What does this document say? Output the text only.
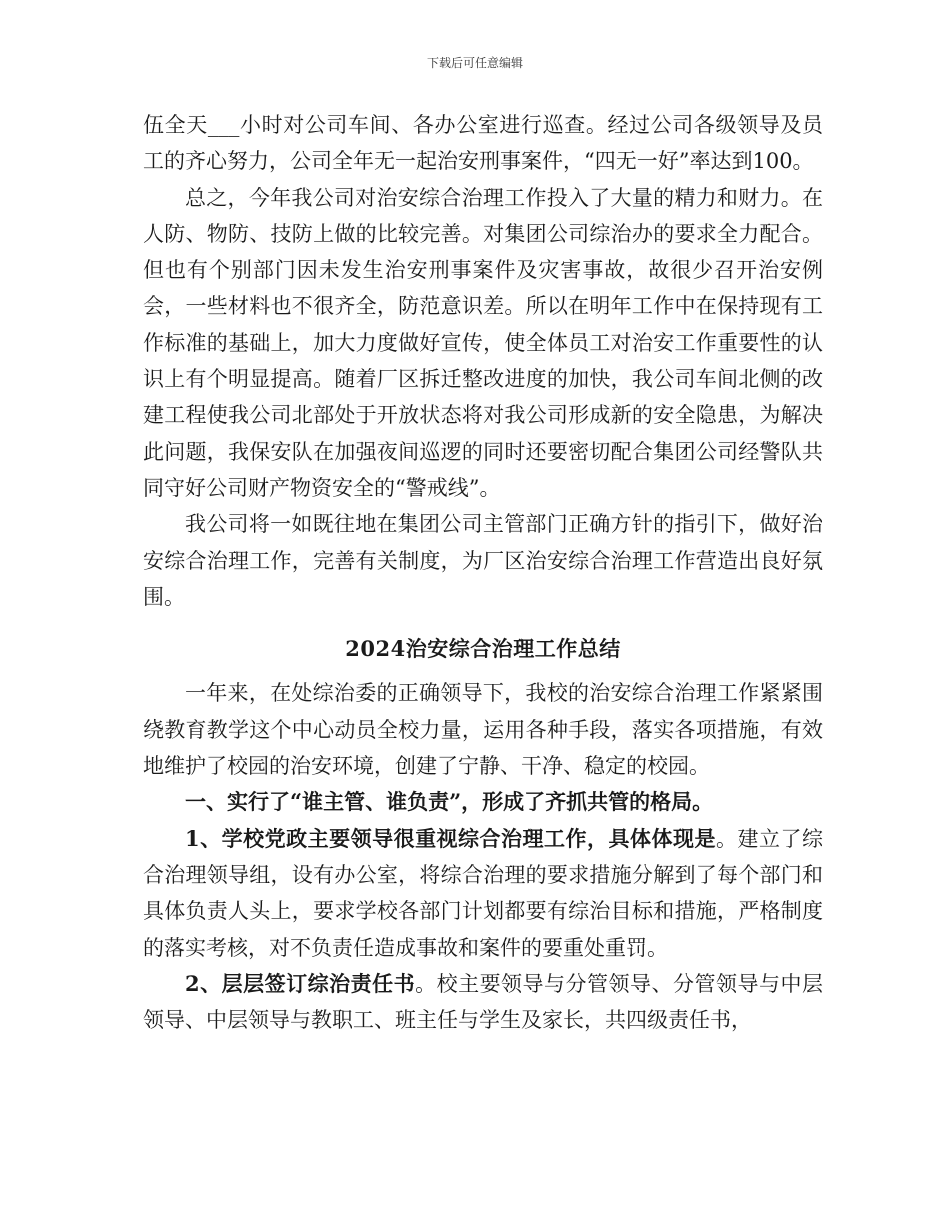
下载后可任意编辑

伍全天___小时对公司车间、各办公室进行巡查。经过公司各级领导及员工的齐心努力，公司全年无一起治安刑事案件，“四无一好”率达到100。

总之，今年我公司对治安综合治理工作投入了大量的精力和财力。在人防、物防、技防上做的比较完善。对集团公司综治办的要求全力配合。但也有个别部门因未发生治安刑事案件及灾害事故，故很少召开治安例会，一些材料也不很齐全，防范意识差。所以在明年工作中在保持现有工作标准的基础上，加大力度做好宣传，使全体员工对治安工作重要性的认识上有个明显提高。随着厂区拆迁整改进度的加快，我公司车间北侧的改建工程使我公司北部处于开放状态将对我公司形成新的安全隐患，为解决此问题，我保安队在加强夜间巡逻的同时还要密切配合集团公司经警队共同守好公司财产物资安全的“警戒线”。

我公司将一如既往地在集团公司主管部门正确方针的指引下，做好治安综合治理工作，完善有关制度，为厂区治安综合治理工作营造出良好氛围。

2024治安综合治理工作总结

一年来，在处综治委的正确领导下，我校的治安综合治理工作紧紧围绕教育教学这个中心动员全校力量，运用各种手段，落实各项措施，有效地维护了校园的治安环境，创建了宁静、干净、稳定的校园。

一、实行了“谁主管、谁负责”，形成了齐抓共管的格局。

1、学校党政主要领导很重视综合治理工作，具体体现是。建立了综合治理领导组，设有办公室，将综合治理的要求措施分解到了每个部门和具体负责人头上，要求学校各部门计划都要有综治目标和措施，严格制度的落实考核，对不负责任造成事故和案件的要重处重罚。

2、层层签订综治责任书。校主要领导与分管领导、分管领导与中层领导、中层领导与教职工、班主任与学生及家长，共四级责任书，
